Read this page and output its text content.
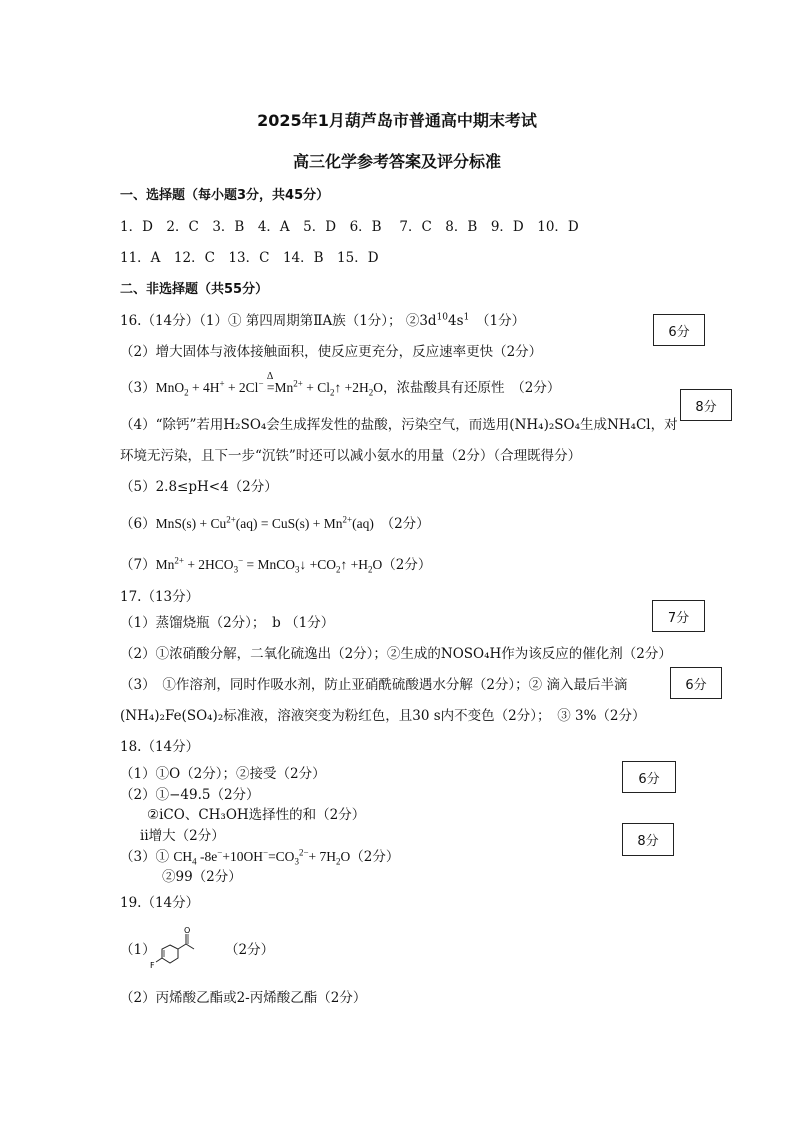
2025年1月葫芦岛市普通高中期末考试
高三化学参考答案及评分标准
一、选择题（每小题3分，共45分）
1．D　2．C　3．B　4．A　5．D　6．B　 7．C　8．B　9．D　10．D
11．A　12．C　13．C　14．B　15．D
二、非选择题（共55分）
16.（14分）（1）① 第四周期第ⅡA族（1分）； $②3d^{10}4s^1$　（1分）
（2）增大固体与液体接触面积，使反应更充分，反应速率更快（2分）
（3）MnO$_2$ + 4H+ + 2Cl− =
Δ
$Mn^{2+}$ + $Cl_2↑ +2H_2O$，浓盐酸具有还原性　（2分）
（4）“除钙”若用H₂SO₄会生成挥发性的盐酸，污染空气，而选用(NH₄)₂SO₄生成NH₄Cl，对
环境无污染，且下一步“沉铁”时还可以减小氨水的用量（2分）（合理既得分）
（5）2.8≤pH<4（2分）
$(6)MnS(s) + Cu^{2+}(aq) = CuS(s) + Mn^{2+}(aq)$　（2分）
$(7)Mn^{2+} + 2HCO_3^-$ = MnCO$_3$↓ $+CO_2↑ +H_2O(2$分）
17.（13分）
（1）蒸馏烧瓶（2分）；　b （1分）
（2）①浓硝酸分解，二氧化硫逸出（2分）；②生成的NOSO₄H作为该反应的催化剂（2分）
（3）　①作溶剂，同时作吸水剂，防止亚硝酰硫酸遇水分解（2分）；② 滴入最后半滴
(NH₄)₂Fe(SO₄)₂标准液，溶液突变为粉红色，且30 s内不变色（2分）；　③ 3%（2分）
18.（14分）
（1）①O（2分）；②接受（2分）
（2）①−49.5（2分）
②ⅰCO、CH₃OH选择性的和（2分）
ⅱ增大（2分）
（3）① $CH_4$ $-8e^-+10OH^-=CO_3^{2-}+ 7H_2O(2$分）
②99（2分）
19.（14分）
（1）
O
F
（2分）
（2）丙烯酸乙酯或2-丙烯酸乙酯（2分）
6分
8分
7分
6分
6分
8分
